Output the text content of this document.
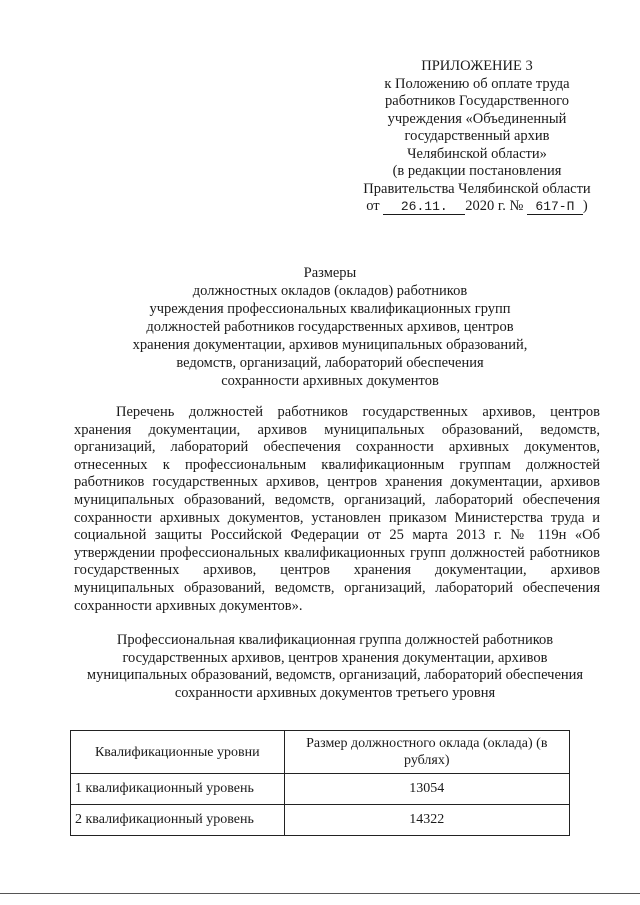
ПРИЛОЖЕНИЕ 3
к Положению об оплате труда
работников Государственного
учреждения «Объединенный
государственный архив
Челябинской области»
(в редакции постановления
Правительства Челябинской области
от 26.11. 2020 г. № 617-П )
Размеры
должностных окладов (окладов) работников
учреждения профессиональных квалификационных групп
должностей работников государственных архивов, центров
хранения документации, архивов муниципальных образований,
ведомств, организаций, лабораторий обеспечения
сохранности архивных документов
Перечень должностей работников государственных архивов, центров хранения документации, архивов муниципальных образований, ведомств, организаций, лабораторий обеспечения сохранности архивных документов, отнесенных к профессиональным квалификационным группам должностей работников государственных архивов, центров хранения документации, архивов муниципальных образований, ведомств, организаций, лабораторий обеспечения сохранности архивных документов, установлен приказом Министерства труда и социальной защиты Российской Федерации от 25 марта 2013 г. № 119н «Об утверждении профессиональных квалификационных групп должностей работников государственных архивов, центров хранения документации, архивов муниципальных образований, ведомств, организаций, лабораторий обеспечения сохранности архивных документов».
Профессиональная квалификационная группа должностей работников
государственных архивов, центров хранения документации, архивов
муниципальных образований, ведомств, организаций, лабораторий обеспечения
сохранности архивных документов третьего уровня
Квалификационные уровни	Размер должностного оклада (оклада) (в рублях)
1 квалификационный уровень	13054
2 квалификационный уровень	14322
